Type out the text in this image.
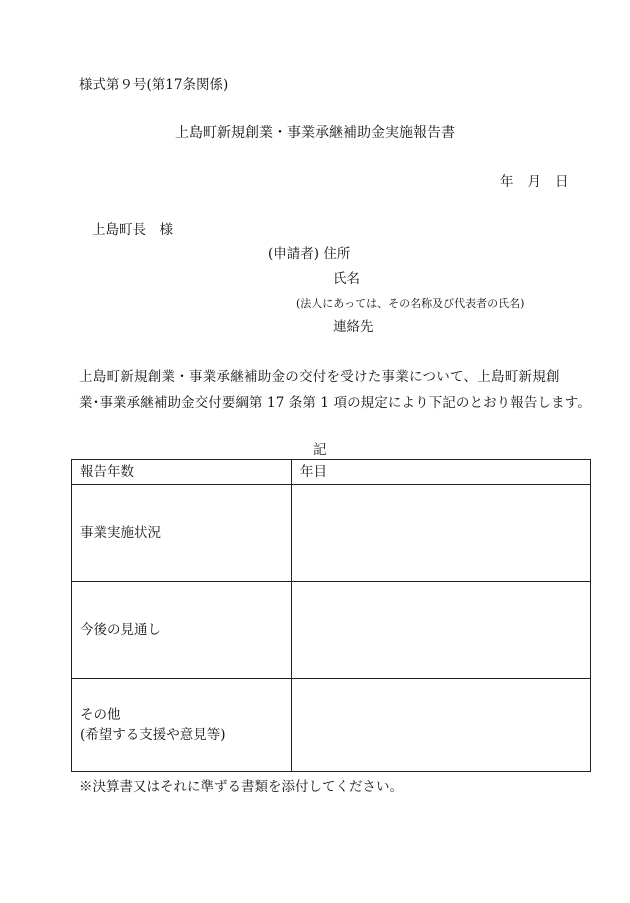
様式第９号(第17条関係)
上島町新規創業・事業承継補助金実施報告書
年 月 日
上島町長　様
(申請者) 住所
氏名
(法人にあっては、その名称及び代表者の氏名)
連絡先
上島町新規創業・事業承継補助金の交付を受けた事業について、上島町新規創
業･事業承継補助金交付要綱第 17 条第 1 項の規定により下記のとおり報告します。
記
報告年数	年目
事業実施状況	
今後の見通し	

その他
(希望する支援や意見等)	

※決算書又はそれに準ずる書類を添付してください。
